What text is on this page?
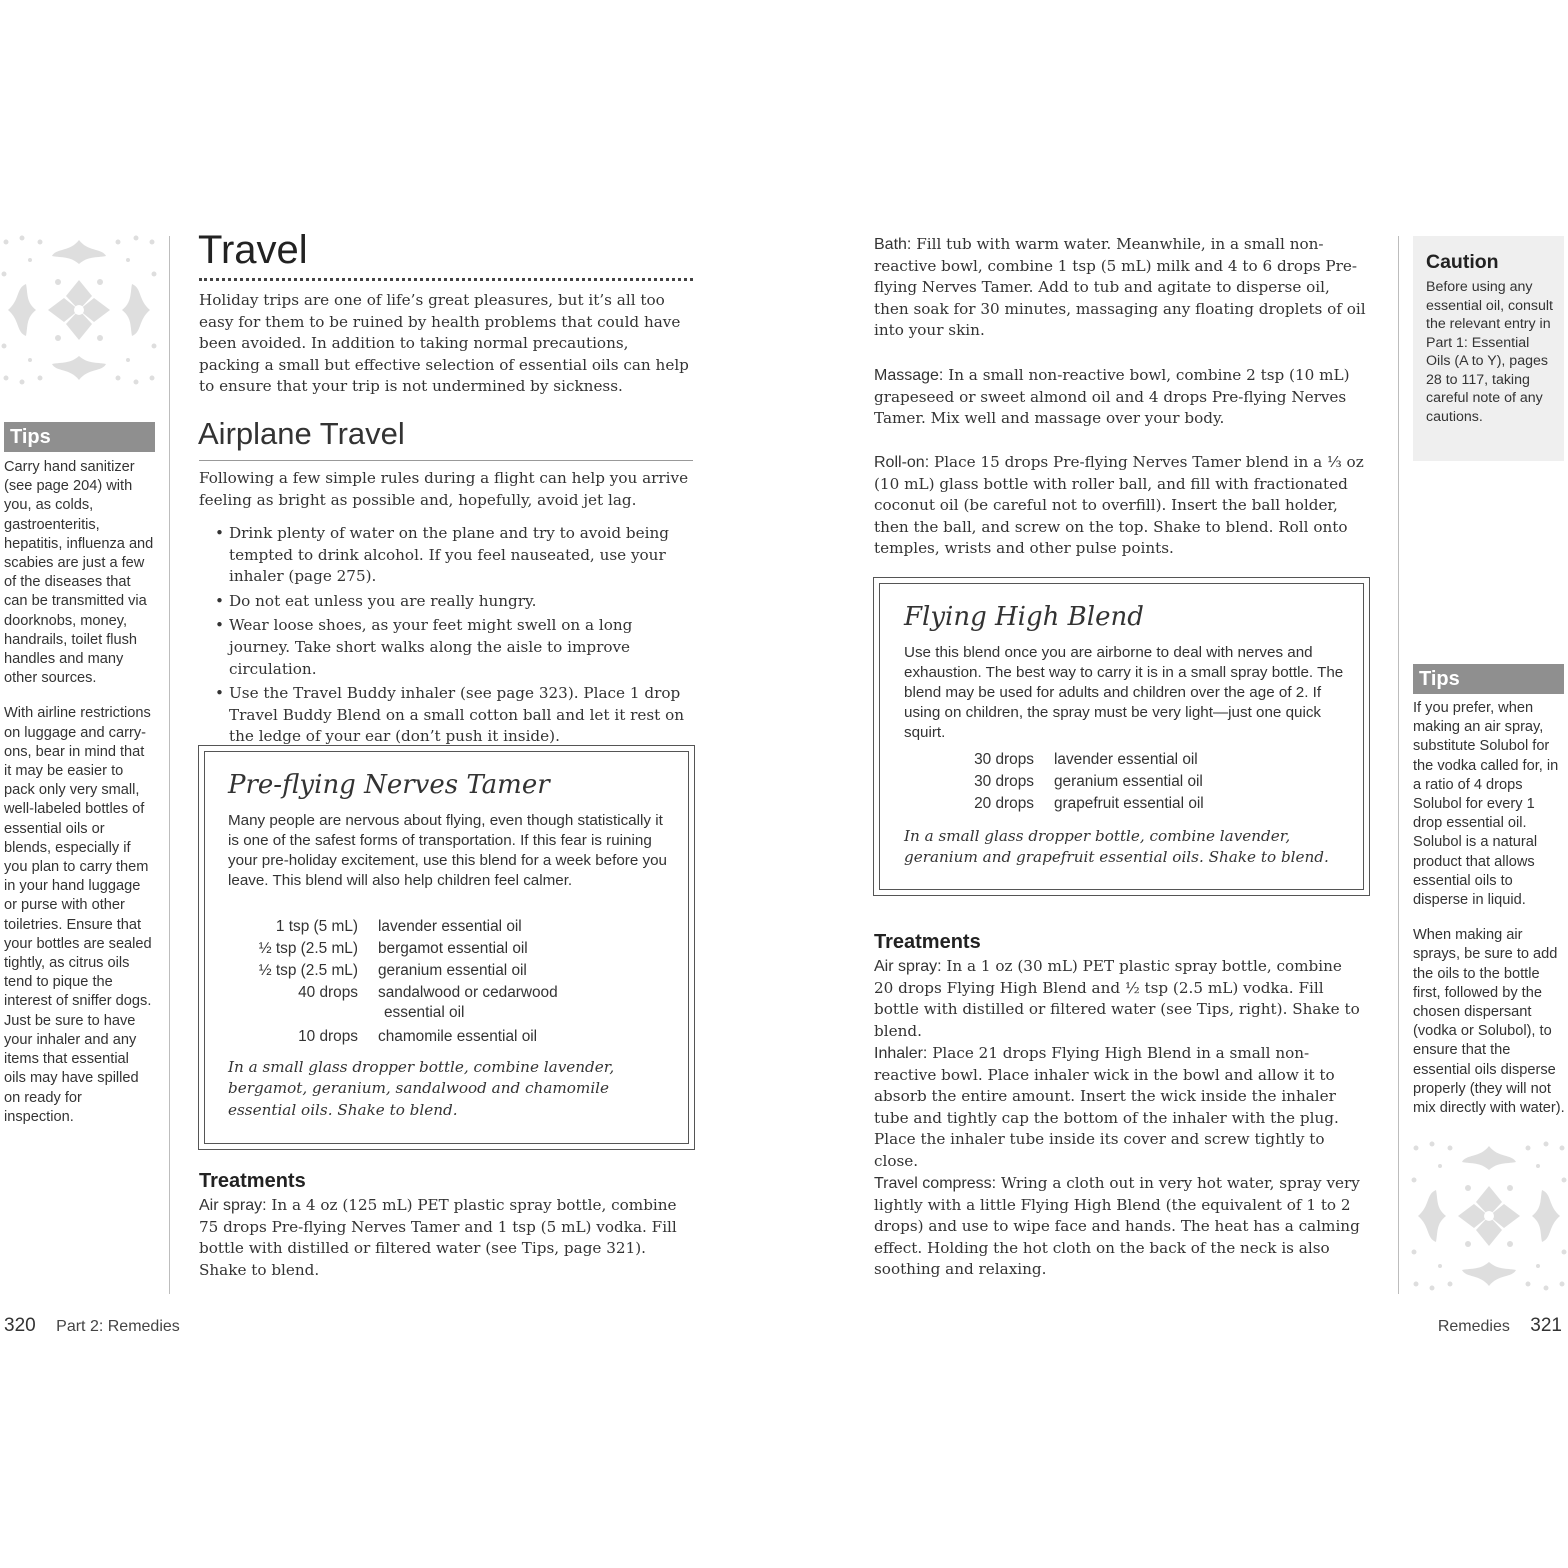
Tips

Carry hand sanitizer (see page 204) with you, as colds, gastroenteritis, hepatitis, influenza and scabies are just a few of the diseases that can be transmitted via doorknobs, money, handrails, toilet flush handles and many other sources.

With airline restrictions on luggage and carry-ons, bear in mind that it may be easier to pack only very small, well-labeled bottles of essential oils or blends, especially if you plan to carry them in your hand luggage or purse with other toiletries. Ensure that your bottles are sealed tightly, as citrus oils tend to pique the interest of sniffer dogs. Just be sure to have your inhaler and any items that essential oils may have spilled on ready for inspection.

Travel

Holiday trips are one of life’s great pleasures, but it’s all too easy for them to be ruined by health problems that could have been avoided. In addition to taking normal precautions, packing a small but effective selection of essential oils can help to ensure that your trip is not undermined by sickness.

Airplane Travel

Following a few simple rules during a flight can help you arrive feeling as bright as possible and, hopefully, avoid jet lag.

• Drink plenty of water on the plane and try to avoid being tempted to drink alcohol. If you feel nauseated, use your inhaler (page 275).
• Do not eat unless you are really hungry.
• Wear loose shoes, as your feet might swell on a long journey. Take short walks along the aisle to improve circulation.
• Use the Travel Buddy inhaler (see page 323). Place 1 drop Travel Buddy Blend on a small cotton ball and let it rest on the ledge of your ear (don’t push it inside).
Pre-flying Nerves Tamer
Many people are nervous about flying, even though statistically it is one of the safest forms of transportation. If this fear is ruining your pre-holiday excitement, use this blend for a week before you leave. This blend will also help children feel calmer.
1 tsp (5 mL) lavender essential oil
½ tsp (2.5 mL) bergamot essential oil
½ tsp (2.5 mL) geranium essential oil
40 drops sandalwood or cedarwood
essential oil
10 drops chamomile essential oil
In a small glass dropper bottle, combine lavender, bergamot, geranium, sandalwood and chamomile essential oils. Shake to blend.
Treatments

Air spray: In a 4 oz (125 mL) PET plastic spray bottle, combine 75 drops Pre-flying Nerves Tamer and 1 tsp (5 mL) vodka. Fill bottle with distilled or filtered water (see Tips, page 321). Shake to blend.

320 Part 2: Remedies

Bath: Fill tub with warm water. Meanwhile, in a small non-reactive bowl, combine 1 tsp (5 mL) milk and 4 to 6 drops Pre-flying Nerves Tamer. Add to tub and agitate to disperse oil, then soak for 30 minutes, massaging any floating droplets of oil into your skin.

Massage: In a small non-reactive bowl, combine 2 tsp (10 mL) grapeseed or sweet almond oil and 4 drops Pre-flying Nerves Tamer. Mix well and massage over your body.

Roll-on: Place 15 drops Pre-flying Nerves Tamer blend in a ⅓ oz (10 mL) glass bottle with roller ball, and fill with fractionated coconut oil (be careful not to overfill). Insert the ball holder, then the ball, and screw on the top. Shake to blend. Roll onto temples, wrists and other pulse points.

Flying High Blend
Use this blend once you are airborne to deal with nerves and exhaustion. The best way to carry it is in a small spray bottle. The blend may be used for adults and children over the age of 2. If using on children, the spray must be very light—just one quick squirt.
30 drops lavender essential oil
30 drops geranium essential oil
20 drops grapefruit essential oil
In a small glass dropper bottle, combine lavender, geranium and grapefruit essential oils. Shake to blend.
Treatments

Air spray: In a 1 oz (30 mL) PET plastic spray bottle, combine 20 drops Flying High Blend and ½ tsp (2.5 mL) vodka. Fill bottle with distilled or filtered water (see Tips, right). Shake to blend.

Inhaler: Place 21 drops Flying High Blend in a small non-reactive bowl. Place inhaler wick in the bowl and allow it to absorb the entire amount. Insert the wick inside the inhaler tube and tightly cap the bottom of the inhaler with the plug. Place the inhaler tube inside its cover and screw tightly to close.

Travel compress: Wring a cloth out in very hot water, spray very lightly with a little Flying High Blend (the equivalent of 1 to 2 drops) and use to wipe face and hands. The heat has a calming effect. Holding the hot cloth on the back of the neck is also soothing and relaxing.

Caution
Before using any essential oil, consult the relevant entry in Part 1: Essential Oils (A to Y), pages 28 to 117, taking careful note of any cautions.
Tips

If you prefer, when making an air spray, substitute Solubol for the vodka called for, in a ratio of 4 drops Solubol for every 1 drop essential oil. Solubol is a natural product that allows essential oils to disperse in liquid.

When making air sprays, be sure to add the oils to the bottle first, followed by the chosen dispersant (vodka or Solubol), to ensure that the essential oils disperse properly (they will not mix directly with water).

Remedies 321
